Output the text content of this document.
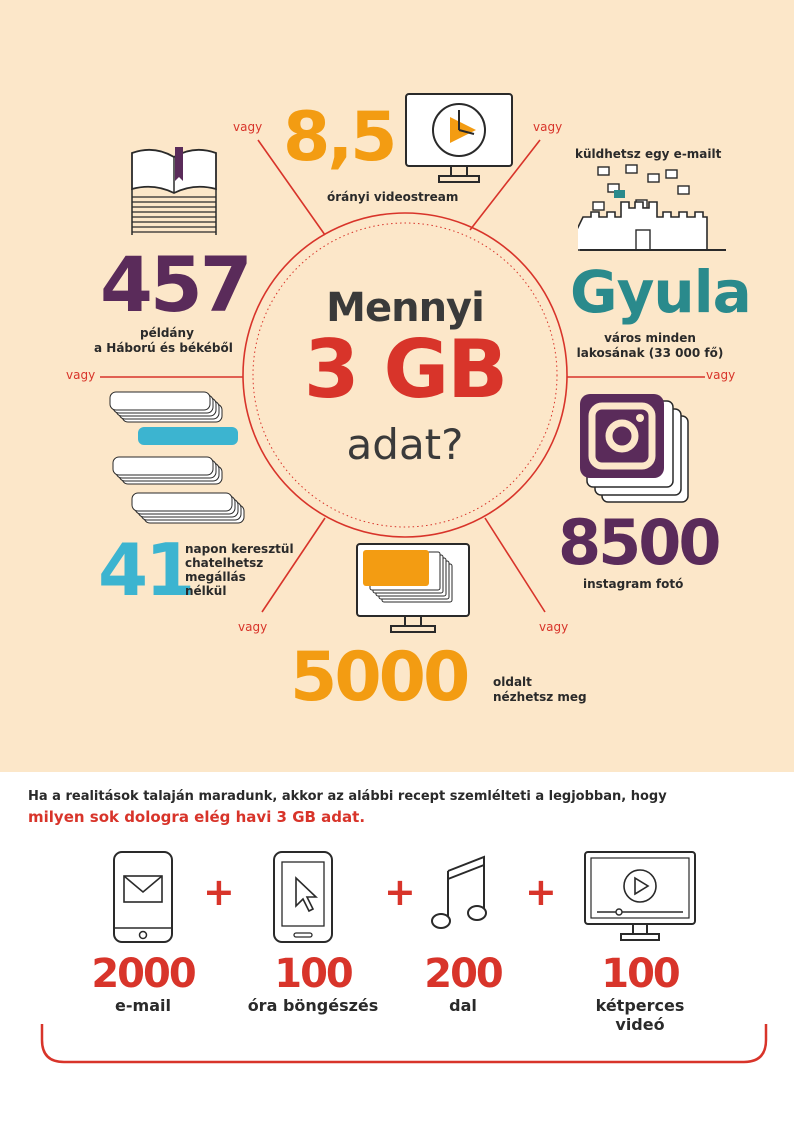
vagy	vagy
vagy	vagy
vagy	vagy
Mennyi
3 GB
adat?
8,5
órányi videostream
küldhetsz egy e-mailt
Gyula
város minden lakosának (33 000 fő)
8500
instagram fotó
5000 oldalt
nézhetsz meg
41
napon keresztül
chatelhetsz
megállás
nélkül
457
példány
a Háború és békéből
Ha a realitások talaján maradunk, akkor az alábbi recept szemlélteti a legjobban, hogy
milyen sok dologra elég havi 3 GB adat.
+	+	+
2000
e-mail
100
óra böngészés
200
dal
100
kétperces
videó
